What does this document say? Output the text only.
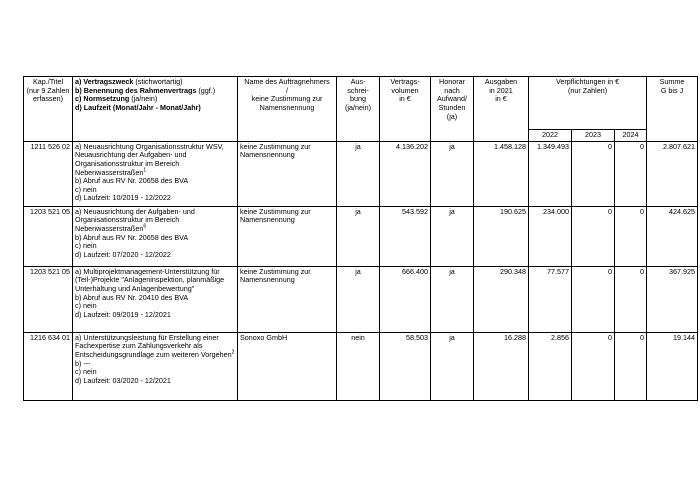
Kap./Titel
(nur 9 Zahlen
erfassen)	a) Vertragszweck (stichwortartig)
b) Benennung des Rahmenvertrags (ggf.)
c) Normsetzung (ja/nein)
d) Laufzeit (Monat/Jahr - Monat/Jahr)	Name des Auftragnehmers
/
keine Zustimmung zur
Namensnennung	Aus-
schrei-
bung
(ja/nein)	Vertrags-
volumen
in €	Honorar
nach
Aufwand/
Stunden
(ja)	Ausgaben
in 2021
in €	Verpflichtungen in €
(nur Zahlen)			Summe
G bis J
							2022	2023	2024	
1211 526 02	a) Neuausrichtung Organisationsstruktur WSV, Neuausrichtung der Aufgaben- und Organisationsstruktur im Bereich Nebenwasserstraßen$^1$
b) Abruf aus RV Nr. 20658 des BVA
c) nein
d) Laufzeit: 10/2019 - 12/2022	keine Zustimmung zur Namensnennung	ja	4.136.202	ja	1.458.128	1.349.493	0	0	2.807.621
1203 521 05	a) Neuausrichtung der Aufgaben- und Organisationsstruktur im Bereich Nebenwasserstraßen$^6$
b) Abruf aus RV Nr. 20658 des BVA
c) nein
d) Laufzeit: 07/2020 - 12/2022	keine Zustimmung zur Namensnennung	ja	543.592	ja	190.625	234.000	0	0	424.625
1203 521 05	a) Multiprojektmanagement-Unterstützung für (Teil-)Projekte "Anlageninspektion, planmäßige Unterhaltung und Anlagenbewertung"
b) Abruf aus RV Nr. 20410 des BVA
c) nein
d) Laufzeit: 09/2019 - 12/2021	keine Zustimmung zur Namensnennung	ja	666.400	ja	290.348	77.577	0	0	367.925
1216 634 01	a) Unterstützungsleistung für Erstellung einer Fachexpertise zum Zahlungsverkehr als Entscheidungsgrundlage zum weiteren Vorgehen$^2$
b) ---
c) nein
d) Laufzeit: 03/2020 - 12/2021	Sonoxo GmbH	nein	58.503	ja	16.288	2.856	0	0	19.144
